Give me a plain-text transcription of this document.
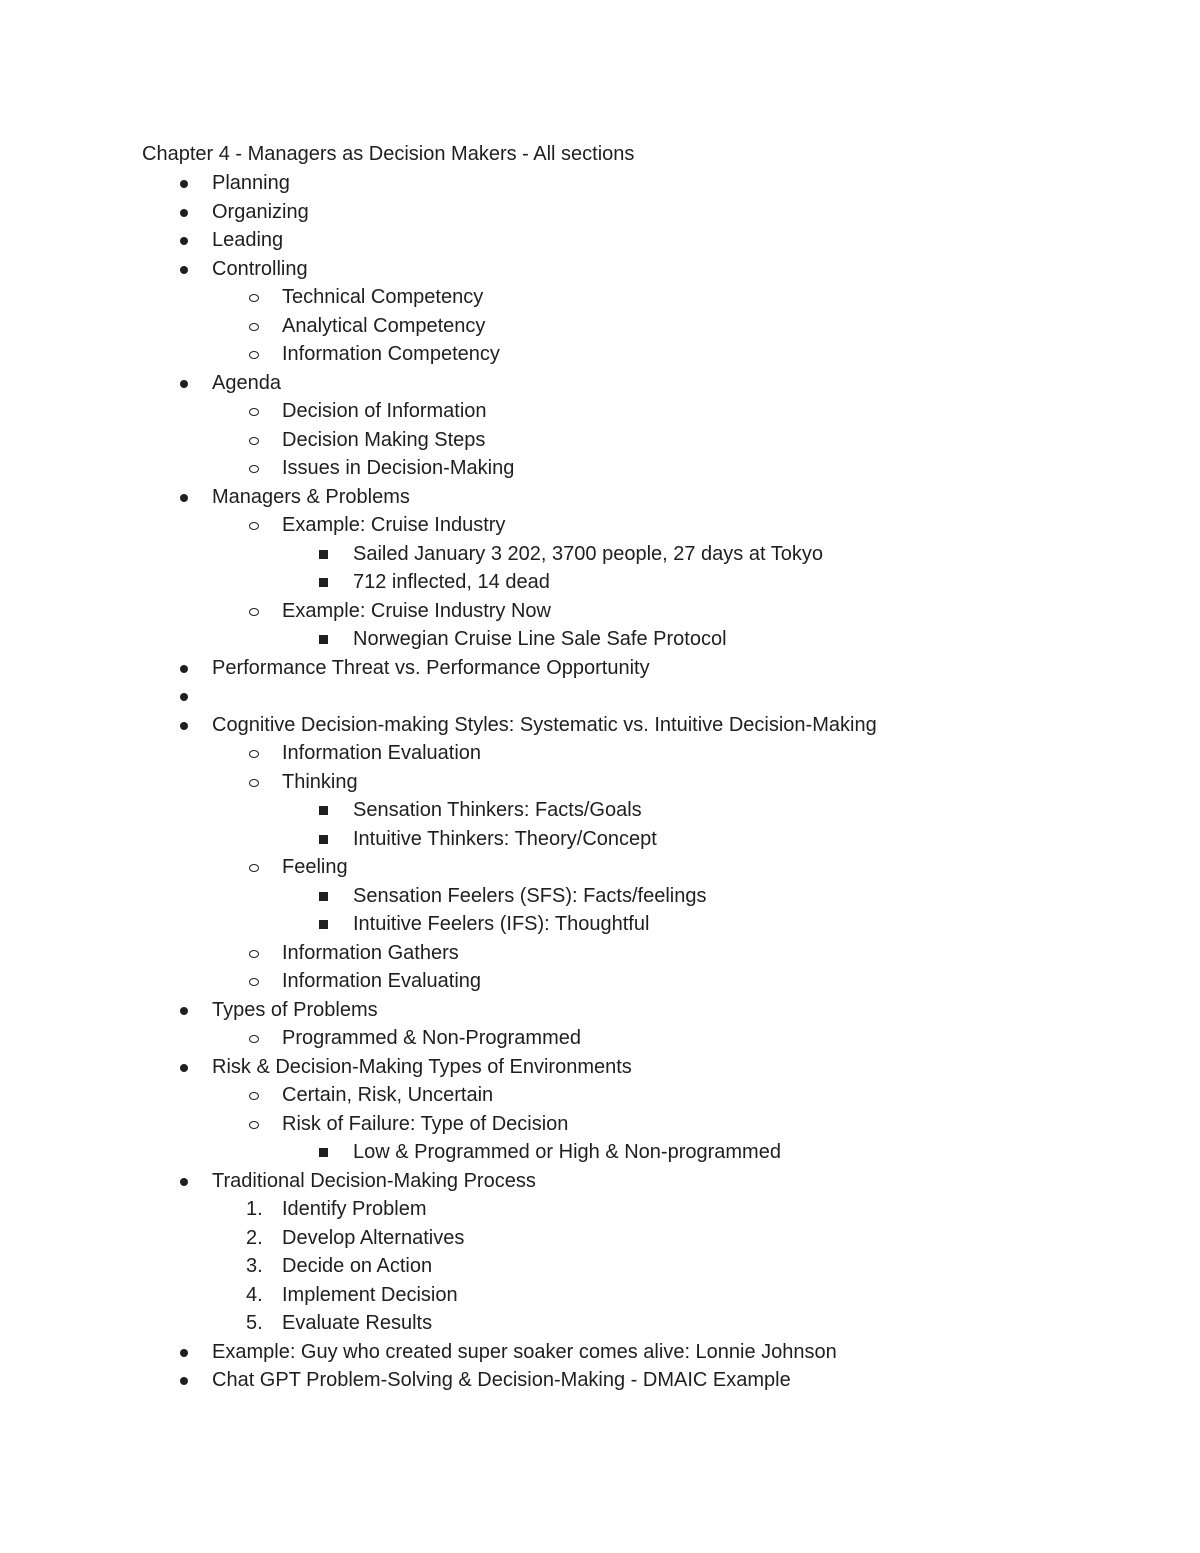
Chapter 4 - Managers as Decision Makers - All sections
Planning
Organizing
Leading
Controlling
Technical Competency
Analytical Competency
Information Competency
Agenda
Decision of Information
Decision Making Steps
Issues in Decision-Making
Managers & Problems
Example: Cruise Industry
Sailed January 3 202, 3700 people, 27 days at Tokyo
712 inflected, 14 dead
Example: Cruise Industry Now
Norwegian Cruise Line Sale Safe Protocol
Performance Threat vs. Performance Opportunity
Cognitive Decision-making Styles: Systematic vs. Intuitive Decision-Making
Information Evaluation
Thinking
Sensation Thinkers: Facts/Goals
Intuitive Thinkers: Theory/Concept
Feeling
Sensation Feelers (SFS): Facts/feelings
Intuitive Feelers (IFS): Thoughtful
Information Gathers
Information Evaluating
Types of Problems
Programmed & Non-Programmed
Risk & Decision-Making Types of Environments
Certain, Risk, Uncertain
Risk of Failure: Type of Decision
Low & Programmed or High & Non-programmed
Traditional Decision-Making Process
1. Identify Problem
2. Develop Alternatives
3. Decide on Action
4. Implement Decision
5. Evaluate Results
Example: Guy who created super soaker comes alive: Lonnie Johnson
Chat GPT Problem-Solving & Decision-Making - DMAIC Example
